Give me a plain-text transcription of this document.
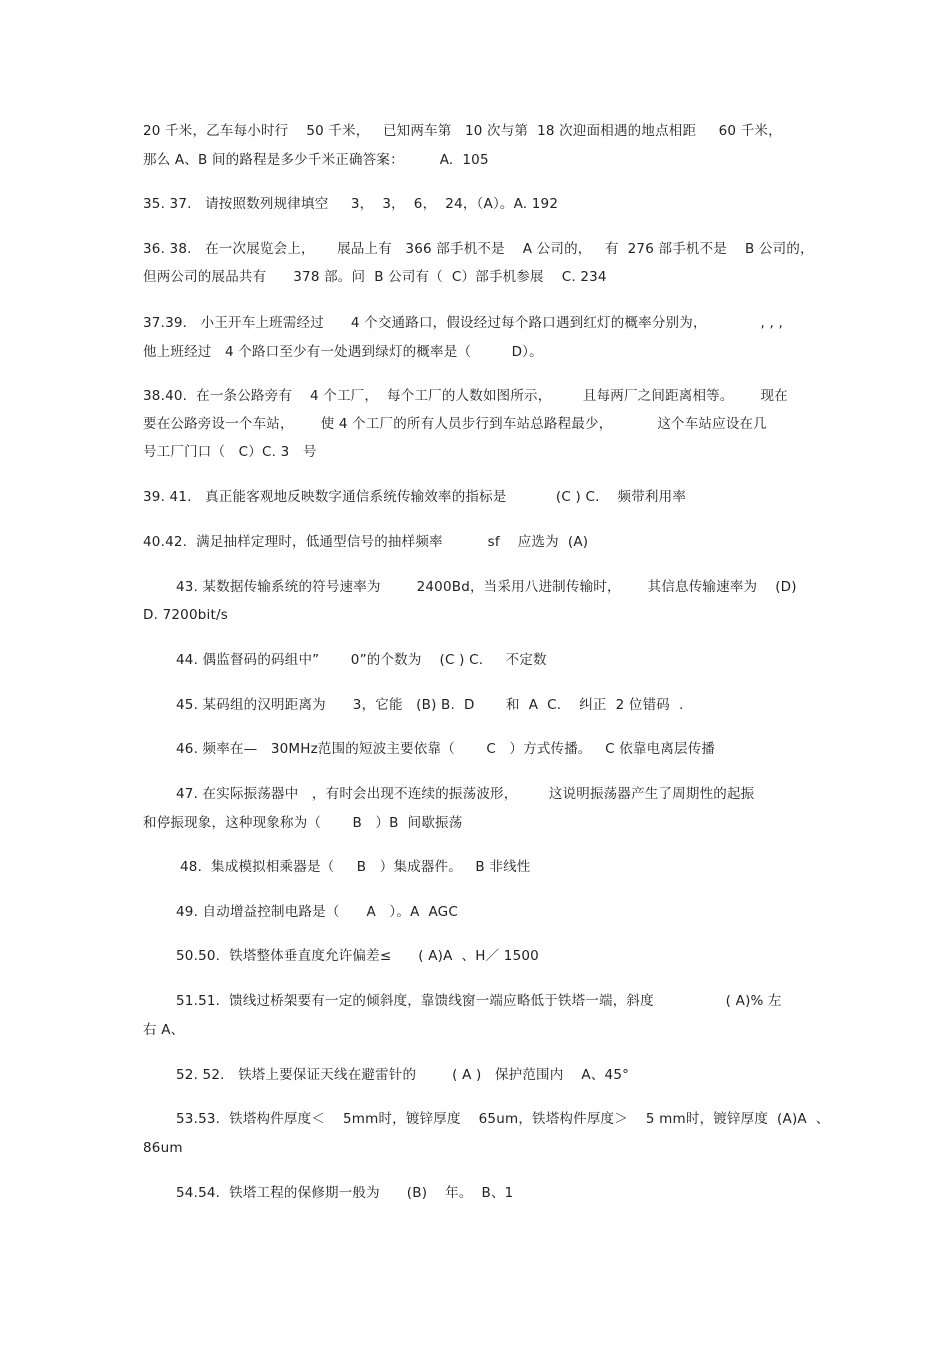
20 千米，乙车每小时行    50 千米，   已知两车第   10 次与第  18 次迎面相遇的地点相距     60 千米，
那么 A、B 间的路程是多少千米正确答案：        A.  105
35. 37.   请按照数列规律填空     3，  3，  6，  24，（A）。A. 192
36. 38.   在一次展览会上，     展品上有   366 部手机不是    A 公司的，   有  276 部手机不是    B 公司的，
但两公司的展品共有      378 部。问  B 公司有（  C）部手机参展    C. 234
37.39.   小王开车上班需经过      4 个交通路口，假设经过每个路口遇到红灯的概率分别为，            , , ,
他上班经过   4 个路口至少有一处遇到绿灯的概率是（         D）。
38.40.  在一条公路旁有    4 个工厂，  每个工厂的人数如图所示，       且每两厂之间距离相等。      现在
要在公路旁设一个车站，      使 4 个工厂的所有人员步行到车站总路程最少，          这个车站应设在几
号工厂门口（   C）C. 3   号
39. 41.   真正能客观地反映数字通信系统传输效率的指标是           (C ) C.    频带利用率
40.42.  满足抽样定理时，低通型信号的抽样频率          sf    应选为  (A)
43. 某数据传输系统的符号速率为        2400Bd，当采用八进制传输时，      其信息传输速率为    (D)
D. 7200bit/s
44. 偶监督码的码组中”       0”的个数为    (C ) C.     不定数
45. 某码组的汉明距离为      3，它能   (B) B.  D       和  A  C.    纠正  2 位错码  .
46. 频率在—   30MHz范围的短波主要依靠（       C   ）方式传播。   C 依靠电离层传播
47. 在实际振荡器中   ，有时会出现不连续的振荡波形，       这说明振荡器产生了周期性的起振
和停振现象，这种现象称为（       B   ）B  间歇振荡
48.  集成模拟相乘器是（     B   ）集成器件。   B 非线性
49. 自动增益控制电路是（      A   ）。A  AGC
50.50.  铁塔整体垂直度允许偏差≤      ( A)A  、H／ 1500
51.51.  馈线过桥架要有一定的倾斜度，靠馈线窗一端应略低于铁塔一端，斜度                ( A)% 左
右 A、
52. 52.   铁塔上要保证天线在避雷针的        ( A )   保护范围内    A、45°
53.53.  铁塔构件厚度＜    5mm时，镀锌厚度    65um，铁塔构件厚度＞    5 mm时，镀锌厚度  (A)A  、
86um
54.54.  铁塔工程的保修期一般为      (B)    年。  B、1
